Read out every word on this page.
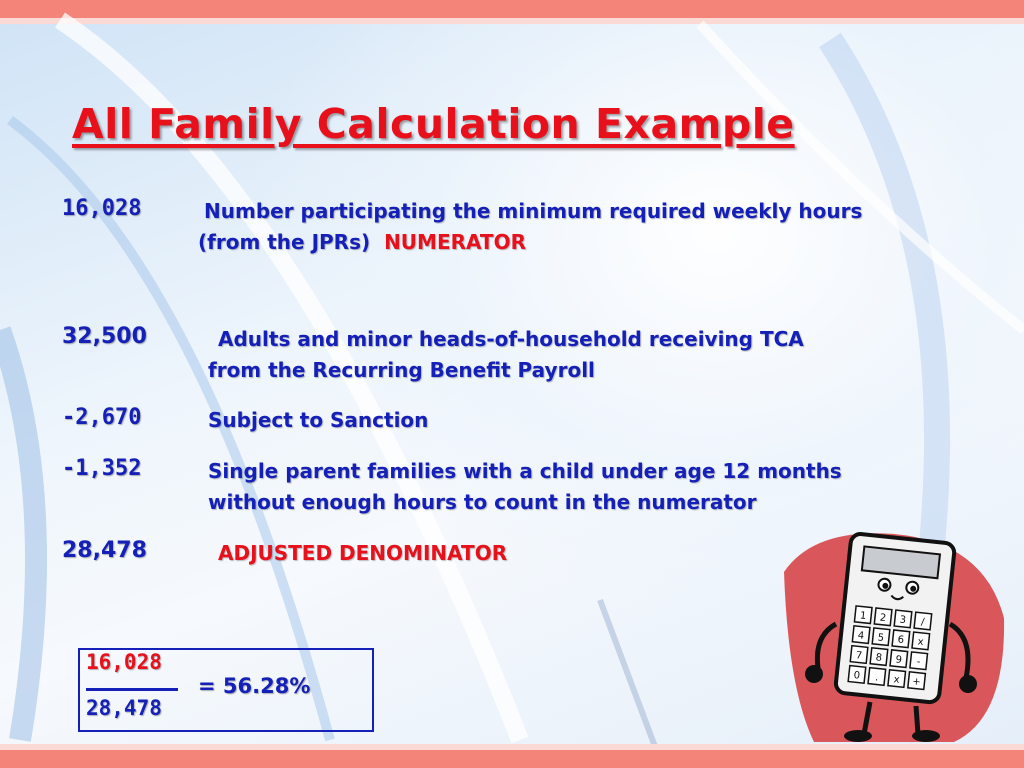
All Family Calculation Example
16,028	Number participating the minimum required weekly hours
(from the JPRs) NUMERATOR
32,500	Adults and minor heads-of-household receiving TCA
from the Recurring Benefit Payroll
-2,670	Subject to Sanction
-1,352	Single parent families with a child under age 12 months
without enough hours to count in the numerator
28,478	ADJUSTED DENOMINATOR
16,028
28,478
= 56.28%
1 2 3 /
4 5 6 x
7 8 9 -
0 . x +
